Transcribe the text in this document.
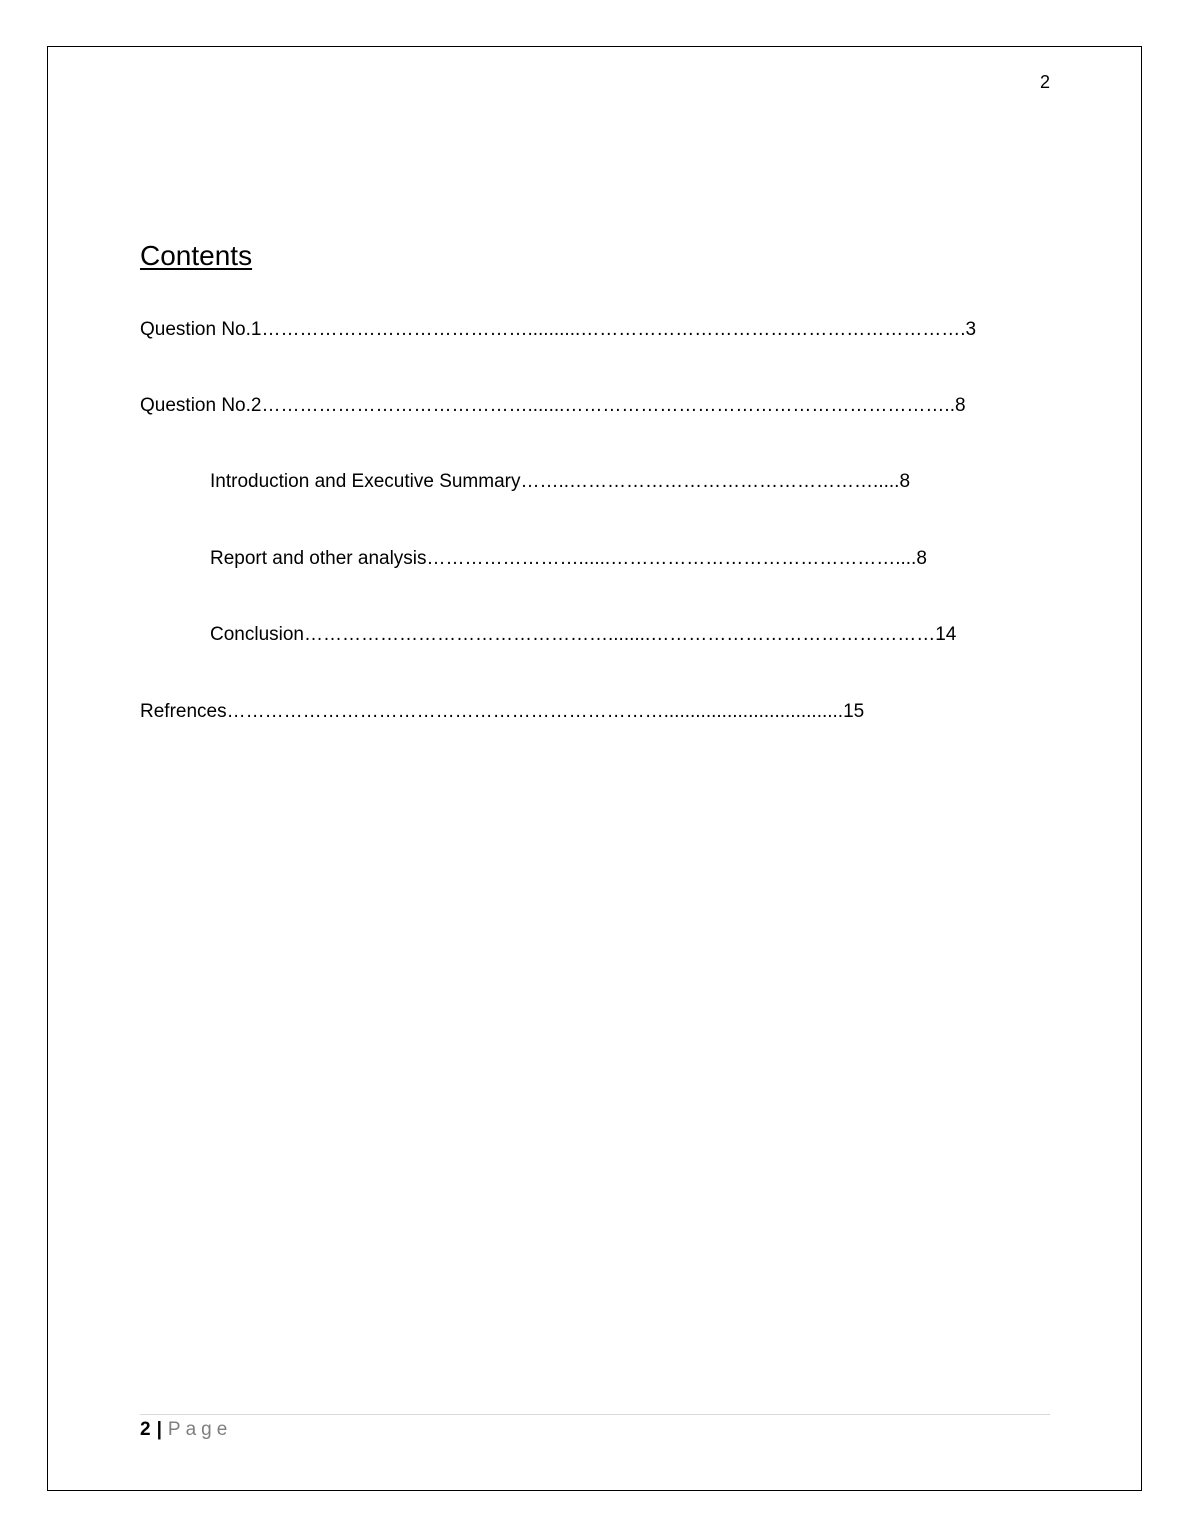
2
Contents
Question No.1……………………………………..........…………………………………………………….3
Question No.2…………………………………….......……………………………………………………..8
Introduction and Executive Summary……..………………………………………….....8
Report and other analysis……………………......………………………………………....8
Conclusion…………………………………………........………………………………………14
Refrences……………………………………………………………..................................15
2 | Page
